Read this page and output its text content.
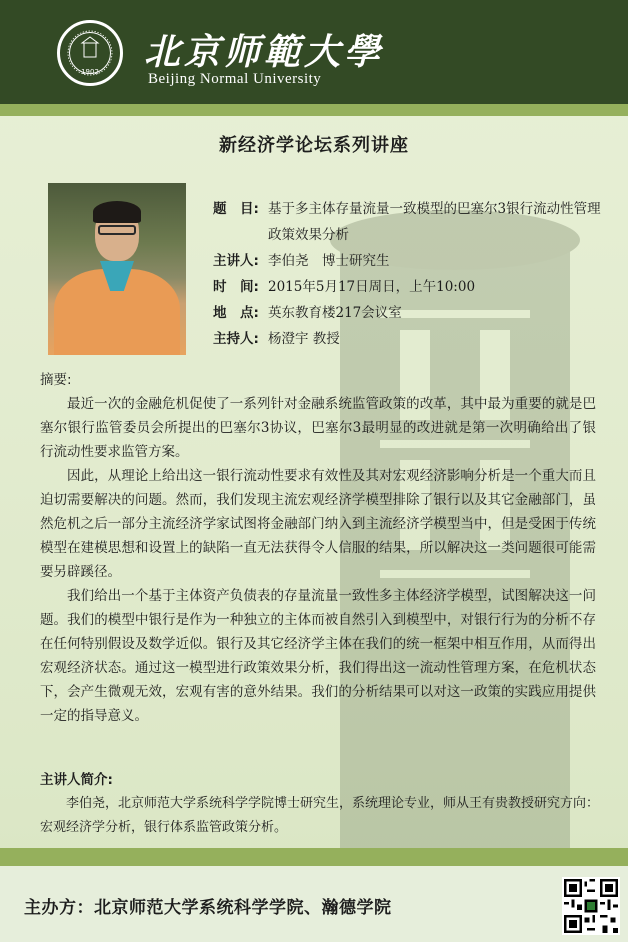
1902	北京师範大學
Beijing Normal University
新经济学论坛系列讲座
题　目: 基于多主体存量流量一致模型的巴塞尔3银行流动性管理政策效果分析
主讲人: 李伯尧　博士研究生
时　间: 2015年5月17日周日，上午10:00
地　点: 英东教育楼217会议室
主持人: 杨澄宇 教授
摘要:

最近一次的金融危机促使了一系列针对金融系统监管政策的改革，其中最为重要的就是巴塞尔银行监管委员会所提出的巴塞尔3协议，巴塞尔3最明显的改进就是第一次明确给出了银行流动性要求监管方案。

因此，从理论上给出这一银行流动性要求有效性及其对宏观经济影响分析是一个重大而且迫切需要解决的问题。然而，我们发现主流宏观经济学模型排除了银行以及其它金融部门，虽然危机之后一部分主流经济学家试图将金融部门纳入到主流经济学模型当中，但是受困于传统模型在建模思想和设置上的缺陷一直无法获得令人信服的结果，所以解决这一类问题很可能需要另辟蹊径。

我们给出一个基于主体资产负债表的存量流量一致性多主体经济学模型，试图解决这一问题。我们的模型中银行是作为一种独立的主体而被自然引入到模型中，对银行行为的分析不存在任何特别假设及数学近似。银行及其它经济学主体在我们的统一框架中相互作用，从而得出宏观经济状态。通过这一模型进行政策效果分析，我们得出这一流动性管理方案，在危机状态下，会产生微观无效，宏观有害的意外结果。我们的分析结果可以对这一政策的实践应用提供一定的指导意义。

主讲人简介:
李伯尧，北京师范大学系统科学学院博士研究生，系统理论专业，师从王有贵教授研究方向：宏观经济学分析，银行体系监管政策分析。
主办方：北京师范大学系统科学学院、瀚德学院
